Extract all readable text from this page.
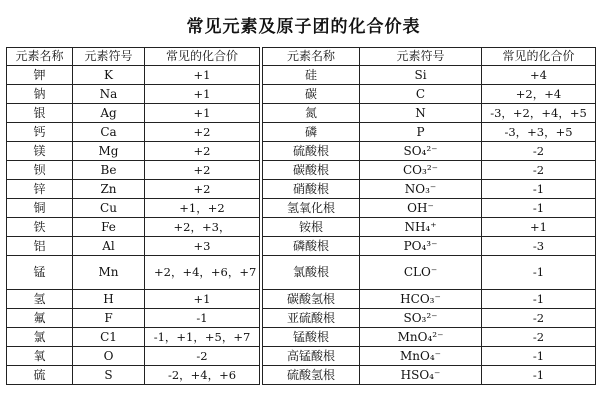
常见元素及原子团的化合价表
元素名称	元素符号	常见的化合价
钾	K	+1
钠	Na	+1
银	Ag	+1
钙	Ca	+2
镁	Mg	+2
钡	Be	+2
锌	Zn	+2
铜	Cu	+1，+2
铁	Fe	+2，+3，
铝	Al	+3
锰	Mn	+2，+4，+6，+7
氢	H	+1
氟	F	-1
氯	C1	-1，+1，+5，+7
氧	O	-2
硫	S	-2，+4，+6
元素名称	元素符号	常见的化合价
硅	Si	+4
碳	C	+2，+4
氮	N	-3，+2，+4，+5
磷	P	-3，+3，+5
硫酸根	SO₄²⁻	-2
碳酸根	CO₃²⁻	-2
硝酸根	NO₃⁻	-1
氢氧化根	OH⁻	-1
铵根	NH₄⁺	+1
磷酸根	PO₄³⁻	-3
氯酸根	CLO⁻	-1
碳酸氢根	HCO₃⁻	-1
亚硫酸根	SO₃²⁻	-2
锰酸根	MnO₄²⁻	-2
高锰酸根	MnO₄⁻	-1
硫酸氢根	HSO₄⁻	-1
